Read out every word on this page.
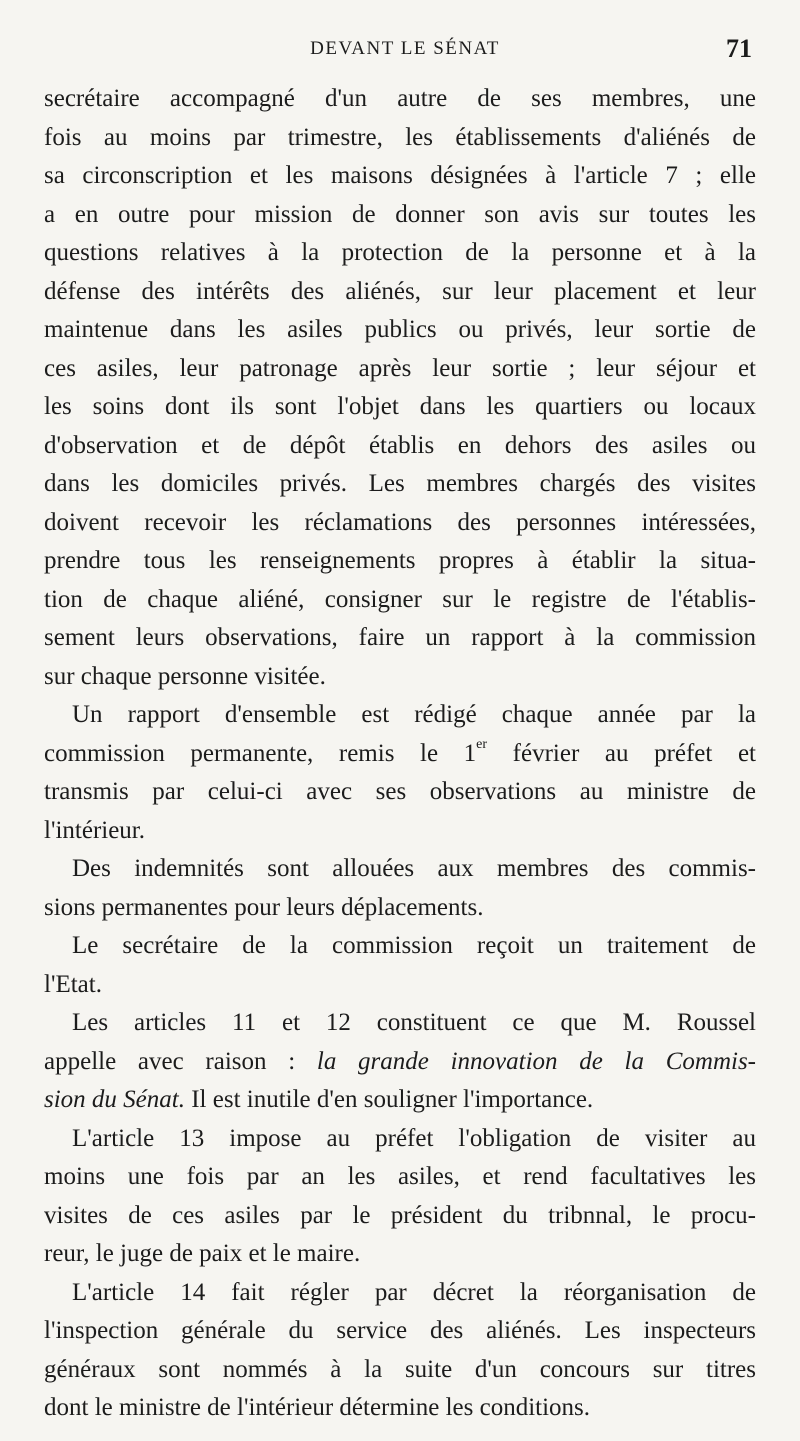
DEVANT LE SÉNAT	71
secrétaire accompagné d'un autre de ses membres, une
fois au moins par trimestre, les établissements d'aliénés de
sa circonscription et les maisons désignées à l'article 7 ; elle
a en outre pour mission de donner son avis sur toutes les
questions relatives à la protection de la personne et à la
défense des intérêts des aliénés, sur leur placement et leur
maintenue dans les asiles publics ou privés, leur sortie de
ces asiles, leur patronage après leur sortie ; leur séjour et
les soins dont ils sont l'objet dans les quartiers ou locaux
d'observation et de dépôt établis en dehors des asiles ou
dans les domiciles privés. Les membres chargés des visites
doivent recevoir les réclamations des personnes intéressées,
prendre tous les renseignements propres à établir la situa-
tion de chaque aliéné, consigner sur le registre de l'établis-
sement leurs observations, faire un rapport à la commission
sur chaque personne visitée.
Un rapport d'ensemble est rédigé chaque année par la
commission permanente, remis le 1er février au préfet et
transmis par celui-ci avec ses observations au ministre de
l'intérieur.
Des indemnités sont allouées aux membres des commis-
sions permanentes pour leurs déplacements.
Le secrétaire de la commission reçoit un traitement de
l'Etat.
Les articles 11 et 12 constituent ce que M. Roussel
appelle avec raison : la grande innovation de la Commis-
sion du Sénat. Il est inutile d'en souligner l'importance.
L'article 13 impose au préfet l'obligation de visiter au
moins une fois par an les asiles, et rend facultatives les
visites de ces asiles par le président du tribnnal, le procu-
reur, le juge de paix et le maire.
L'article 14 fait régler par décret la réorganisation de
l'inspection générale du service des aliénés. Les inspecteurs
généraux sont nommés à la suite d'un concours sur titres
dont le ministre de l'intérieur détermine les conditions.
